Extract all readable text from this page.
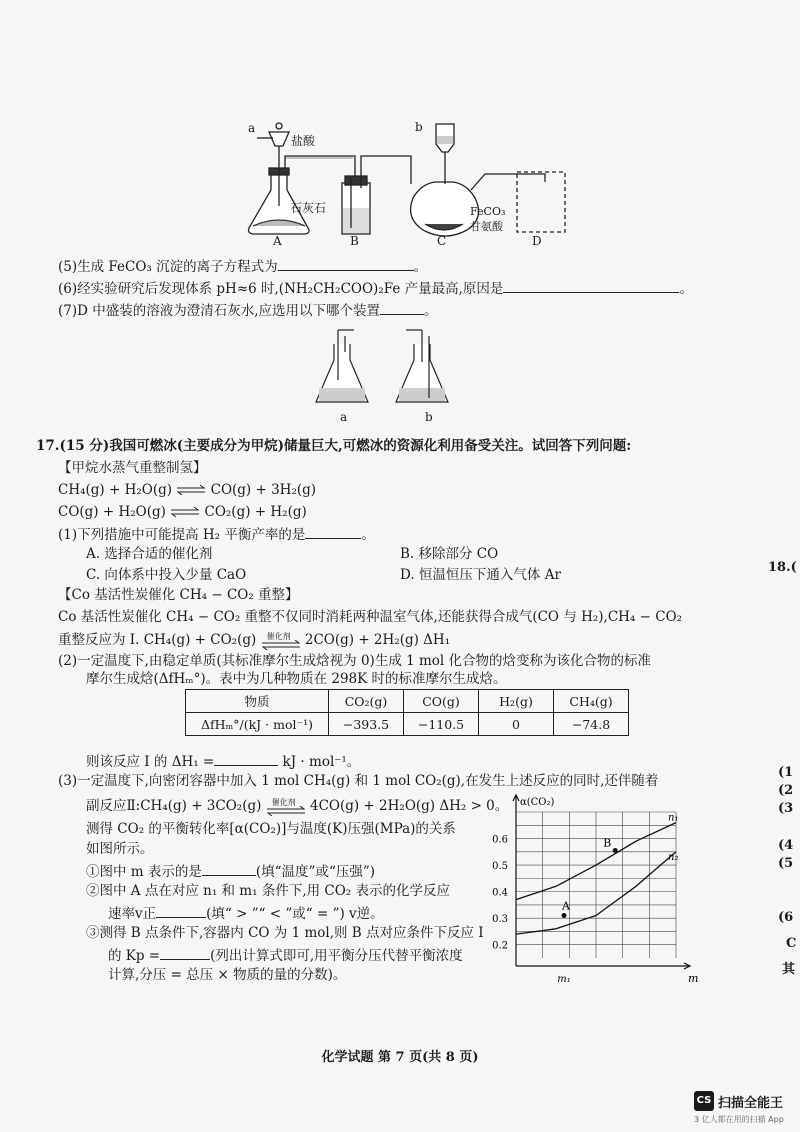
a
盐酸
b
石灰石	FeCO₃
甘氨酸
A	B	C	D
(5)生成 FeCO₃ 沉淀的离子方程式为	。
(6)经实验研究后发现体系 pH≈6 时,(NH₂CH₂COO)₂Fe 产量最高,原因是	。
(7)D 中盛装的溶液为澄清石灰水,应选用以下哪个装置	。
a	b
17.(15 分)我国可燃冰(主要成分为甲烷)储量巨大,可燃冰的资源化利用备受关注。试回答下列问题:
【甲烷水蒸气重整制氢】
CH₄(g) + H₂O(g) ⇌ CO(g) + 3H₂(g)
CO(g) + H₂O(g) ⇌ CO₂(g) + H₂(g)
(1)下列措施中可能提高 H₂ 平衡产率的是	。
A. 选择合适的催化剂	B. 移除部分 CO
C. 向体系中投入少量 CaO	D. 恒温恒压下通入气体 Ar
【Co 基活性炭催化 CH₄ − CO₂ 重整】
Co 基活性炭催化 CH₄ − CO₂ 重整不仅同时消耗两种温室气体,还能获得合成气(CO 与 H₂),CH₄ − CO₂
重整反应为 Ⅰ. CH₄(g) + CO₂(g) 催化剂 2CO(g) + 2H₂(g) ΔH₁
(2)一定温度下,由稳定单质(其标准摩尔生成焓视为 0)生成 1 mol 化合物的焓变称为该化合物的标准
摩尔生成焓(ΔfHₘ°)。表中为几种物质在 298K 时的标准摩尔生成焓。
物质	CO₂(g)	CO(g)	H₂(g)	CH₄(g)
ΔfHₘ°/(kJ · mol⁻¹)	−393.5	−110.5	0	−74.8
则该反应 Ⅰ 的 ΔH₁ =	kJ · mol⁻¹。
(3)一定温度下,向密闭容器中加入 1 mol CH₄(g) 和 1 mol CO₂(g),在发生上述反应的同时,还伴随着
副反应Ⅱ:CH₄(g) + 3CO₂(g) 催化剂 4CO(g) + 2H₂O(g) ΔH₂ > 0。
测得 CO₂ 的平衡转化率[α(CO₂)]与温度(K)压强(MPa)的关系
如图所示。
①图中 m 表示的是	(填“温度”或“压强”)
②图中 A 点在对应 n₁ 和 m₁ 条件下,用 CO₂ 表示的化学反应
速率v正	(填“ > ”“ < ”或“ = ”) v逆。
③测得 B 点条件下,容器内 CO 为 1 mol,则 B 点对应条件下反应 Ⅰ
的 Kp =	(列出计算式即可,用平衡分压代替平衡浓度
计算,分压 = 总压 × 物质的量的分数)。
α(CO₂)
m
0.2
0.3
0.4
0.5
0.6
m₁
n₁
n₂
A
B
化学试题 第 7 页(共 8 页)
18.(
(1
(2
(3
(4
(5
(6
C
其
CS 扫描全能王
3 亿人都在用的扫描 App
